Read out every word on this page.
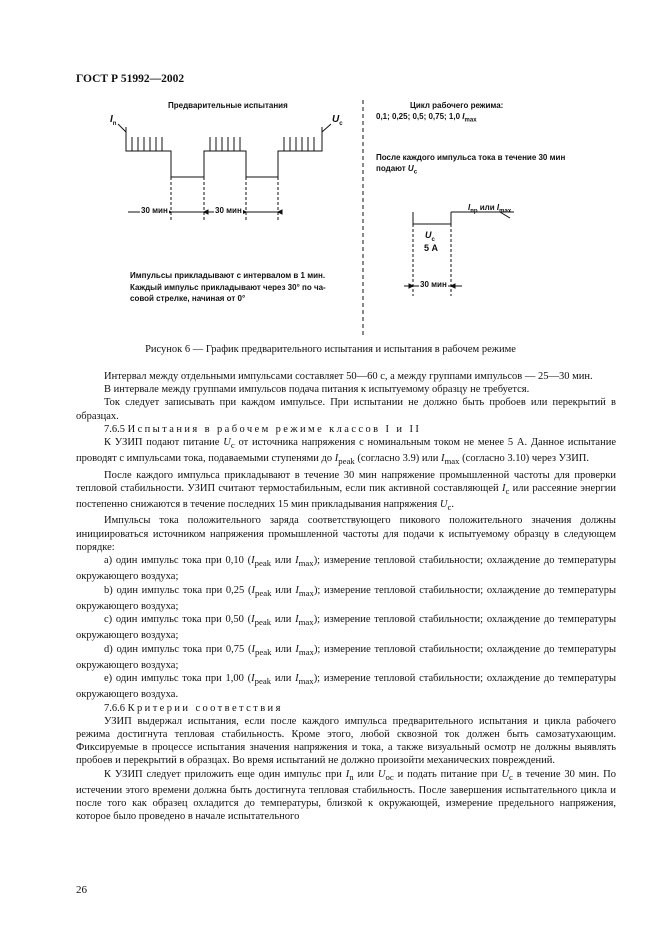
ГОСТ Р 51992—2002
Предварительные испытания
$I_n$	$U_c$
30 мин	30 мин
Импульсы прикладывают с интервалом в 1 мин.
Каждый импульс прикладывают через 30° по ча-
совой стрелке, начиная от 0°
Цикл рабочего режима:
0,1; 0,25; 0,5; 0,75; 1,0 $I_{max}$
После каждого импульса тока в течение 30 мин
подают $U_c$
$I_{пр}$ или $I_{max}$
$U_c$
5 А
30 мин
Рисунок 6 — График предварительного испытания и испытания в рабочем режиме

Интервал между отдельными импульсами составляет 50—60 с, а между группами импульсов — 25—30 мин.

В интервале между группами импульсов подача питания к испытуемому образцу не требуется.

Ток следует записывать при каждом импульсе. При испытании не должно быть пробоев или перекрытий в образцах.

7.6.5 Испытания в рабочем режиме классов I и II

К УЗИП подают питание $U_c$ от источника напряжения с номинальным током не менее 5 А. Данное испытание проводят с импульсами тока, подаваемыми ступенями до $I_{peak}$ (согласно 3.9) или $I_{max}$ (согласно 3.10) через УЗИП.

После каждого импульса прикладывают в течение 30 мин напряжение промышленной частоты для проверки тепловой стабильности. УЗИП считают термостабильным, если пик активной составляющей $I_c$ или рассеяние энергии постепенно снижаются в течение последних 15 мин прикладывания напряжения $U_c$.

Импульсы тока положительного заряда соответствующего пикового положительного значения должны инициироваться источником напряжения промышленной частоты для подачи к испытуемому образцу в следующем порядке:

a) один импульс тока при 0,10 ($I_{peak}$ или $I_{max}$); измерение тепловой стабильности; охлаждение до температуры окружающего воздуха;

b) один импульс тока при 0,25 ($I_{peak}$ или $I_{max}$); измерение тепловой стабильности; охлаждение до температуры окружающего воздуха;

c) один импульс тока при 0,50 ($I_{peak}$ или $I_{max}$); измерение тепловой стабильности; охлаждение до температуры окружающего воздуха;

d) один импульс тока при 0,75 ($I_{peak}$ или $I_{max}$); измерение тепловой стабильности; охлаждение до температуры окружающего воздуха;

e) один импульс тока при 1,00 ($I_{peak}$ или $I_{max}$); измерение тепловой стабильности; охлаждение до температуры окружающего воздуха.

7.6.6 Критерии соответствия

УЗИП выдержал испытания, если после каждого импульса предварительного испытания и цикла рабочего режима достигнута тепловая стабильность. Кроме этого, любой сквозной ток должен быть самозатухающим. Фиксируемые в процессе испытания значения напряжения и тока, а также визуальный осмотр не должны выявлять пробоев и перекрытий в образцах. Во время испытаний не должно произойти механических повреждений.

К УЗИП следует приложить еще один импульс при $I_n$ или $U_{oc}$ и подать питание при $U_c$ в течение 30 мин. По истечении этого времени должна быть достигнута тепловая стабильность. После завершения испытательного цикла и после того как образец охладится до температуры, близкой к окружающей, измерение предельного напряжения, которое было проведено в начале испытательного

26
